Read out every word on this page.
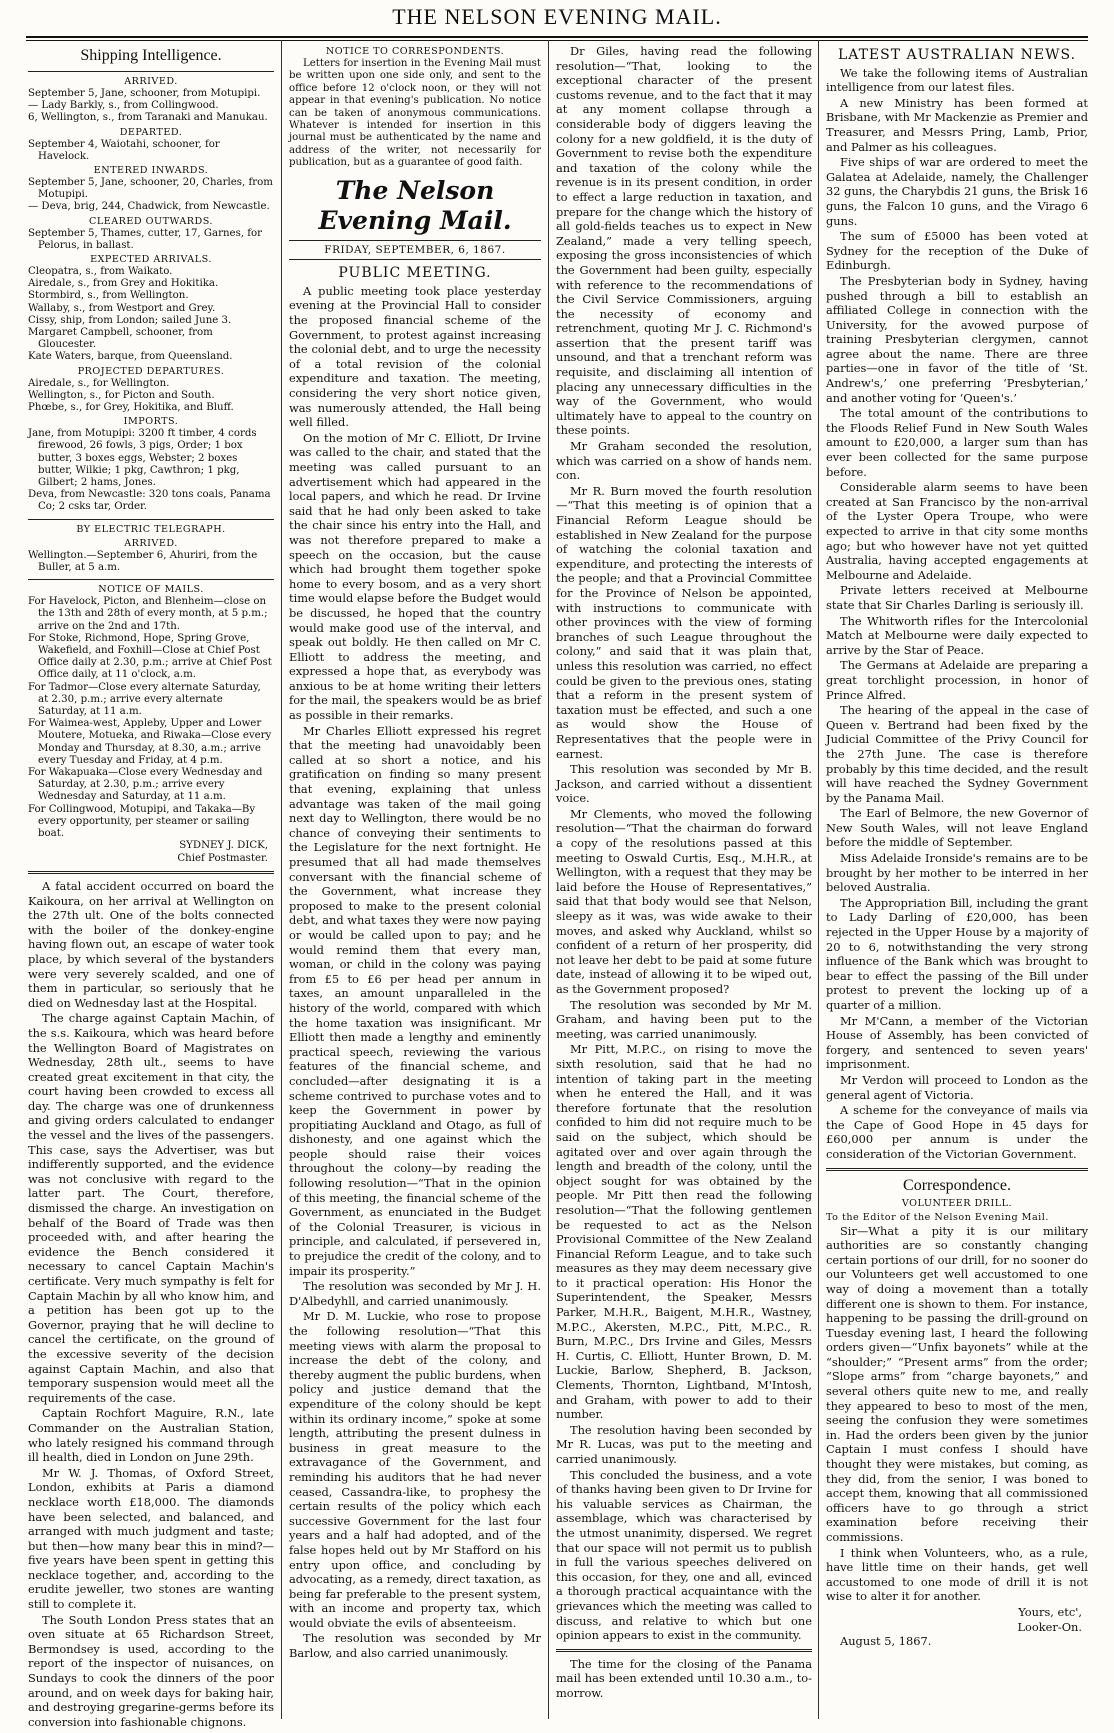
THE NELSON EVENING MAIL.
Shipping Intelligence.
ARRIVED.
September 5, Jane, schooner, from Motupipi.
— Lady Barkly, s., from Collingwood.
6, Wellington, s., from Taranaki and Manukau.
DEPARTED.
September 4, Waiotahi, schooner, for Havelock.
ENTERED INWARDS.
September 5, Jane, schooner, 20, Charles, from Motupipi.
— Deva, brig, 244, Chadwick, from Newcastle.
CLEARED OUTWARDS.
September 5, Thames, cutter, 17, Garnes, for Pelorus, in ballast.
EXPECTED ARRIVALS.
Cleopatra, s., from Waikato.
Airedale, s., from Grey and Hokitika.
Stormbird, s., from Wellington.
Wallaby, s., from Westport and Grey.
Cissy, ship, from London; sailed June 3.
Margaret Campbell, schooner, from Gloucester.
Kate Waters, barque, from Queensland.
PROJECTED DEPARTURES.
Airedale, s., for Wellington.
Wellington, s., for Picton and South.
Phœbe, s., for Grey, Hokitika, and Bluff.
IMPORTS.
Jane, from Motupipi: 3200 ft timber, 4 cords firewood, 26 fowls, 3 pigs, Order; 1 box butter, 3 boxes eggs, Webster; 2 boxes butter, Wilkie; 1 pkg, Cawthron; 1 pkg, Gilbert; 2 hams, Jones.
Deva, from Newcastle: 320 tons coals, Panama Co; 2 csks tar, Order.
BY ELECTRIC TELEGRAPH.
ARRIVED.
Wellington.—September 6, Ahuriri, from the Buller, at 5 a.m.
NOTICE OF MAILS.
For Havelock, Picton, and Blenheim—close on the 13th and 28th of every month, at 5 p.m.; arrive on the 2nd and 17th.
For Stoke, Richmond, Hope, Spring Grove, Wakefield, and Foxhill—Close at Chief Post Office daily at 2.30, p.m.; arrive at Chief Post Office daily, at 11 o'clock, a.m.
For Tadmor—Close every alternate Saturday, at 2.30, p.m.; arrive every alternate Saturday, at 11 a.m.
For Waimea-west, Appleby, Upper and Lower Moutere, Motueka, and Riwaka—Close every Monday and Thursday, at 8.30, a.m.; arrive every Tuesday and Friday, at 4 p.m.
For Wakapuaka—Close every Wednesday and Saturday, at 2.30, p.m.; arrive every Wednesday and Saturday, at 11 a.m.
For Collingwood, Motupipi, and Takaka—By every opportunity, per steamer or sailing boat.
SYDNEY J. DICK,
Chief Postmaster.
A fatal accident occurred on board the Kaikoura, on her arrival at Wellington on the 27th ult. One of the bolts connected with the boiler of the donkey-engine having flown out, an escape of water took place, by which several of the bystanders were very severely scalded, and one of them in particular, so seriously that he died on Wednesday last at the Hospital.
The charge against Captain Machin, of the s.s. Kaikoura, which was heard before the Wellington Board of Magistrates on Wednesday, 28th ult., seems to have created great excitement in that city, the court having been crowded to excess all day. The charge was one of drunkenness and giving orders calculated to endanger the vessel and the lives of the passengers. This case, says the Advertiser, was but indifferently supported, and the evidence was not conclusive with regard to the latter part. The Court, therefore, dismissed the charge. An investigation on behalf of the Board of Trade was then proceeded with, and after hearing the evidence the Bench considered it necessary to cancel Captain Machin's certificate. Very much sympathy is felt for Captain Machin by all who know him, and a petition has been got up to the Governor, praying that he will decline to cancel the certificate, on the ground of the excessive severity of the decision against Captain Machin, and also that temporary suspension would meet all the requirements of the case.
Captain Rochfort Maguire, R.N., late Commander on the Australian Station, who lately resigned his command through ill health, died in London on June 29th.
Mr W. J. Thomas, of Oxford Street, London, exhibits at Paris a diamond necklace worth £18,000. The diamonds have been selected, and balanced, and arranged with much judgment and taste; but then—how many bear this in mind?—five years have been spent in getting this necklace together, and, according to the erudite jeweller, two stones are wanting still to complete it.
The South London Press states that an oven situate at 65 Richardson Street, Bermondsey is used, according to the report of the inspector of nuisances, on Sundays to cook the dinners of the poor around, and on week days for baking hair, and destroying gregarine-germs before its conversion into fashionable chignons.
NOTICE TO CORRESPONDENTS.
Letters for insertion in the Evening Mail must be written upon one side only, and sent to the office before 12 o'clock noon, or they will not appear in that evening's publication. No notice can be taken of anonymous communications. Whatever is intended for insertion in this journal must be authenticated by the name and address of the writer, not necessarily for publication, but as a guarantee of good faith.
The Nelson Evening Mail.
FRIDAY, SEPTEMBER, 6, 1867.
PUBLIC MEETING.
A public meeting took place yesterday evening at the Provincial Hall to consider the proposed financial scheme of the Government, to protest against increasing the colonial debt, and to urge the necessity of a total revision of the colonial expenditure and taxation. The meeting, considering the very short notice given, was numerously attended, the Hall being well filled.
On the motion of Mr C. Elliott, Dr Irvine was called to the chair, and stated that the meeting was called pursuant to an advertisement which had appeared in the local papers, and which he read. Dr Irvine said that he had only been asked to take the chair since his entry into the Hall, and was not therefore prepared to make a speech on the occasion, but the cause which had brought them together spoke home to every bosom, and as a very short time would elapse before the Budget would be discussed, he hoped that the country would make good use of the interval, and speak out boldly. He then called on Mr C. Elliott to address the meeting, and expressed a hope that, as everybody was anxious to be at home writing their letters for the mail, the speakers would be as brief as possible in their remarks.
Mr Charles Elliott expressed his regret that the meeting had unavoidably been called at so short a notice, and his gratification on finding so many present that evening, explaining that unless advantage was taken of the mail going next day to Wellington, there would be no chance of conveying their sentiments to the Legislature for the next fortnight. He presumed that all had made themselves conversant with the financial scheme of the Government, what increase they proposed to make to the present colonial debt, and what taxes they were now paying or would be called upon to pay; and he would remind them that every man, woman, or child in the colony was paying from £5 to £6 per head per annum in taxes, an amount unparalleled in the history of the world, compared with which the home taxation was insignificant. Mr Elliott then made a lengthy and eminently practical speech, reviewing the various features of the financial scheme, and concluded—after designating it is a scheme contrived to purchase votes and to keep the Government in power by propitiating Auckland and Otago, as full of dishonesty, and one against which the people should raise their voices throughout the colony—by reading the following resolution—“That in the opinion of this meeting, the financial scheme of the Government, as enunciated in the Budget of the Colonial Treasurer, is vicious in principle, and calculated, if persevered in, to prejudice the credit of the colony, and to impair its prosperity.”
The resolution was seconded by Mr J. H. D'Albedyhll, and carried unanimously.
Mr D. M. Luckie, who rose to propose the following resolution—“That this meeting views with alarm the proposal to increase the debt of the colony, and thereby augment the public burdens, when policy and justice demand that the expenditure of the colony should be kept within its ordinary income,” spoke at some length, attributing the present dulness in business in great measure to the extravagance of the Government, and reminding his auditors that he had never ceased, Cassandra-like, to prophesy the certain results of the policy which each successive Government for the last four years and a half had adopted, and of the false hopes held out by Mr Stafford on his entry upon office, and concluding by advocating, as a remedy, direct taxation, as being far preferable to the present system, with an income and property tax, which would obviate the evils of absenteeism.
The resolution was seconded by Mr Barlow, and also carried unanimously.
Dr Giles, having read the following resolution—“That, looking to the exceptional character of the present customs revenue, and to the fact that it may at any moment collapse through a considerable body of diggers leaving the colony for a new goldfield, it is the duty of Government to revise both the expenditure and taxation of the colony while the revenue is in its present condition, in order to effect a large reduction in taxation, and prepare for the change which the history of all gold-fields teaches us to expect in New Zealand,” made a very telling speech, exposing the gross inconsistencies of which the Government had been guilty, especially with reference to the recommendations of the Civil Service Commissioners, arguing the necessity of economy and retrenchment, quoting Mr J. C. Richmond's assertion that the present tariff was unsound, and that a trenchant reform was requisite, and disclaiming all intention of placing any unnecessary difficulties in the way of the Government, who would ultimately have to appeal to the country on these points.
Mr Graham seconded the resolution, which was carried on a show of hands nem. con.
Mr R. Burn moved the fourth resolution—“That this meeting is of opinion that a Financial Reform League should be established in New Zealand for the purpose of watching the colonial taxation and expenditure, and protecting the interests of the people; and that a Provincial Committee for the Province of Nelson be appointed, with instructions to communicate with other provinces with the view of forming branches of such League throughout the colony,” and said that it was plain that, unless this resolution was carried, no effect could be given to the previous ones, stating that a reform in the present system of taxation must be effected, and such a one as would show the House of Representatives that the people were in earnest.
This resolution was seconded by Mr B. Jackson, and carried without a dissentient voice.
Mr Clements, who moved the following resolution—“That the chairman do forward a copy of the resolutions passed at this meeting to Oswald Curtis, Esq., M.H.R., at Wellington, with a request that they may be laid before the House of Representatives,” said that that body would see that Nelson, sleepy as it was, was wide awake to their moves, and asked why Auckland, whilst so confident of a return of her prosperity, did not leave her debt to be paid at some future date, instead of allowing it to be wiped out, as the Government proposed?
The resolution was seconded by Mr M. Graham, and having been put to the meeting, was carried unanimously.
Mr Pitt, M.P.C., on rising to move the sixth resolution, said that he had no intention of taking part in the meeting when he entered the Hall, and it was therefore fortunate that the resolution confided to him did not require much to be said on the subject, which should be agitated over and over again through the length and breadth of the colony, until the object sought for was obtained by the people. Mr Pitt then read the following resolution—“That the following gentlemen be requested to act as the Nelson Provisional Committee of the New Zealand Financial Reform League, and to take such measures as they may deem necessary give to it practical operation: His Honor the Superintendent, the Speaker, Messrs Parker, M.H.R., Baigent, M.H.R., Wastney, M.P.C., Akersten, M.P.C., Pitt, M.P.C., R. Burn, M.P.C., Drs Irvine and Giles, Messrs H. Curtis, C. Elliott, Hunter Brown, D. M. Luckie, Barlow, Shepherd, B. Jackson, Clements, Thornton, Lightband, M'Intosh, and Graham, with power to add to their number.
The resolution having been seconded by Mr R. Lucas, was put to the meeting and carried unanimously.
This concluded the business, and a vote of thanks having been given to Dr Irvine for his valuable services as Chairman, the assemblage, which was characterised by the utmost unanimity, dispersed. We regret that our space will not permit us to publish in full the various speeches delivered on this occasion, for they, one and all, evinced a thorough practical acquaintance with the grievances which the meeting was called to discuss, and relative to which but one opinion appears to exist in the community.
The time for the closing of the Panama mail has been extended until 10.30 a.m., to-morrow.
LATEST AUSTRALIAN NEWS.
We take the following items of Australian intelligence from our latest files.
A new Ministry has been formed at Brisbane, with Mr Mackenzie as Premier and Treasurer, and Messrs Pring, Lamb, Prior, and Palmer as his colleagues.
Five ships of war are ordered to meet the Galatea at Adelaide, namely, the Challenger 32 guns, the Charybdis 21 guns, the Brisk 16 guns, the Falcon 10 guns, and the Virago 6 guns.
The sum of £5000 has been voted at Sydney for the reception of the Duke of Edinburgh.
The Presbyterian body in Sydney, having pushed through a bill to establish an affiliated College in connection with the University, for the avowed purpose of training Presbyterian clergymen, cannot agree about the name. There are three parties—one in favor of the title of ‘St. Andrew's,’ one preferring ‘Presbyterian,’ and another voting for ‘Queen's.’
The total amount of the contributions to the Floods Relief Fund in New South Wales amount to £20,000, a larger sum than has ever been collected for the same purpose before.
Considerable alarm seems to have been created at San Francisco by the non-arrival of the Lyster Opera Troupe, who were expected to arrive in that city some months ago; but who however have not yet quitted Australia, having accepted engagements at Melbourne and Adelaide.
Private letters received at Melbourne state that Sir Charles Darling is seriously ill.
The Whitworth rifles for the Intercolonial Match at Melbourne were daily expected to arrive by the Star of Peace.
The Germans at Adelaide are preparing a great torchlight procession, in honor of Prince Alfred.
The hearing of the appeal in the case of Queen v. Bertrand had been fixed by the Judicial Committee of the Privy Council for the 27th June. The case is therefore probably by this time decided, and the result will have reached the Sydney Government by the Panama Mail.
The Earl of Belmore, the new Governor of New South Wales, will not leave England before the middle of September.
Miss Adelaide Ironside's remains are to be brought by her mother to be interred in her beloved Australia.
The Appropriation Bill, including the grant to Lady Darling of £20,000, has been rejected in the Upper House by a majority of 20 to 6, notwithstanding the very strong influence of the Bank which was brought to bear to effect the passing of the Bill under protest to prevent the locking up of a quarter of a million.
Mr M'Cann, a member of the Victorian House of Assembly, has been convicted of forgery, and sentenced to seven years' imprisonment.
Mr Verdon will proceed to London as the general agent of Victoria.
A scheme for the conveyance of mails via the Cape of Good Hope in 45 days for £60,000 per annum is under the consideration of the Victorian Government.
Correspondence.
VOLUNTEER DRILL.
To the Editor of the Nelson Evening Mail.
Sir—What a pity it is our military authorities are so constantly changing certain portions of our drill, for no sooner do our Volunteers get well accustomed to one way of doing a movement than a totally different one is shown to them. For instance, happening to be passing the drill-ground on Tuesday evening last, I heard the following orders given—“Unfix bayonets” while at the “shoulder;” “Present arms” from the order; “Slope arms” from “charge bayonets,” and several others quite new to me, and really they appeared to beso to most of the men, seeing the confusion they were sometimes in. Had the orders been given by the junior Captain I must confess I should have thought they were mistakes, but coming, as they did, from the senior, I was boned to accept them, knowing that all commissioned officers have to go through a strict examination before receiving their commissions.
I think when Volunteers, who, as a rule, have little time on their hands, get well accustomed to one mode of drill it is not wise to alter it for another.
Yours, etc',
Looker-On.
August 5, 1867.
